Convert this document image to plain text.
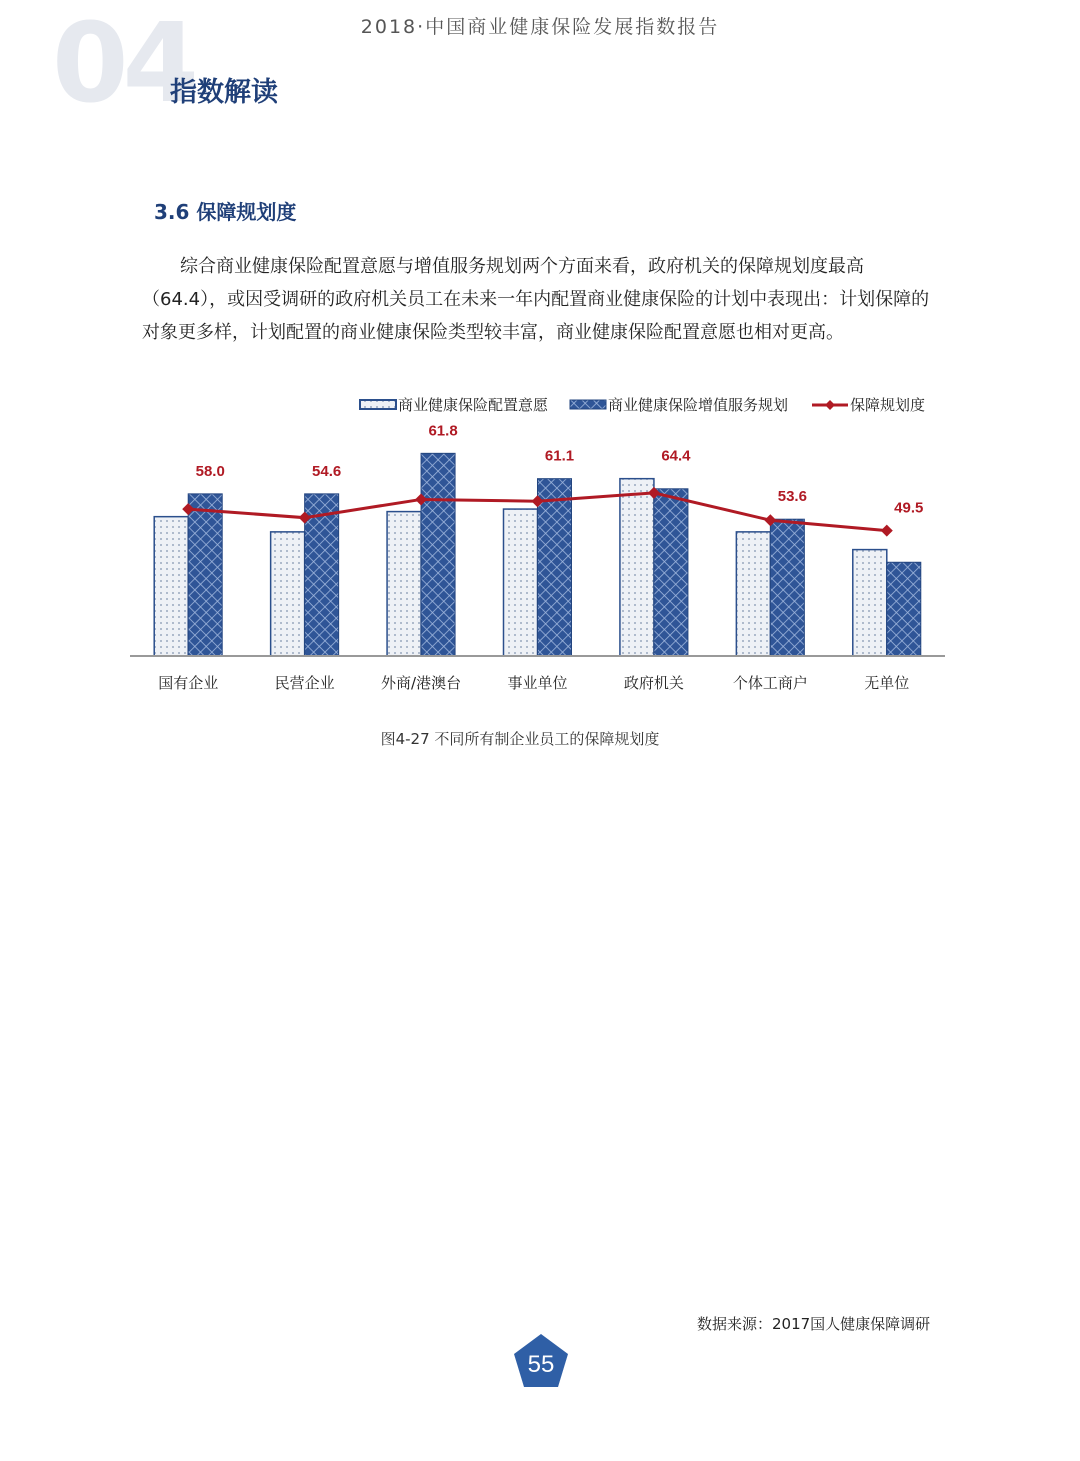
2018·中国商业健康保险发展指数报告
04
指数解读
3.6 保障规划度

综合商业健康保险配置意愿与增值服务规划两个方面来看，政府机关的保障规划度最高（64.4），或因受调研的政府机关员工在未来一年内配置商业健康保险的计划中表现出：计划保障的对象更多样，计划配置的商业健康保险类型较丰富，商业健康保险配置意愿也相对更高。

商业健康保险配置意愿	商业健康保险增值服务规划	保障规划度
58.0	54.6
61.8
61.1	64.4
53.6
49.5
国有企业	民营企业	外商/港澳台	事业单位	政府机关	个体工商户	无单位
图4-27 不同所有制企业员工的保障规划度
数据来源：2017国人健康保障调研
55
